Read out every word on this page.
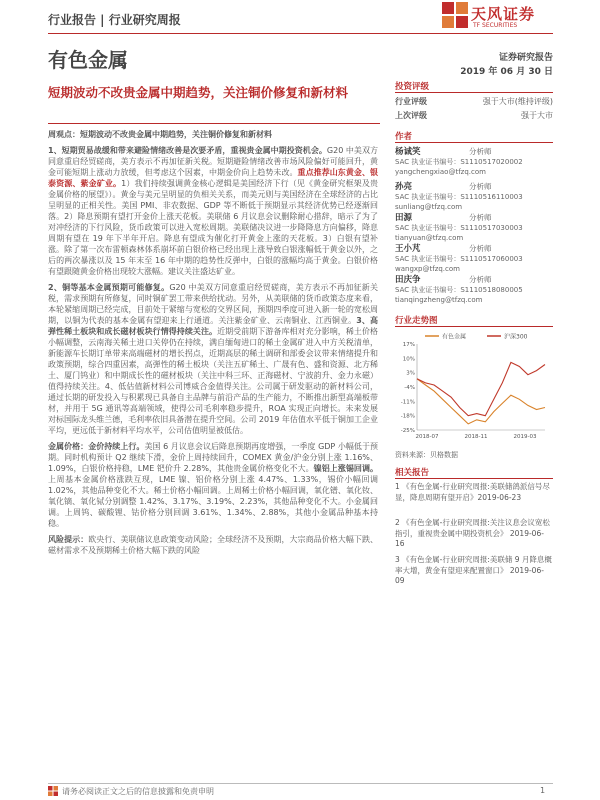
行业报告 | 行业研究周报	天风证券
TF SECURITIES
有色金属	证券研究报告
2019 年 06 月 30 日
短期波动不改贵金属中期趋势，关注铜价修复和新材料

周观点：短期波动不改贵金属中期趋势，关注铜价修复和新材料

1、短期贸易战缓和带来避险情绪改善是次要矛盾，重视贵金属中期投资机会。G20 中美双方同意重启经贸磋商，美方表示不再加征新关税。短期避险情绪改善市场风险偏好可能回升，黄金可能短期上涨动力放缓，但考虑这个因素，中期金价向上趋势未改。重点推荐山东黄金、银泰资源、紫金矿业。1）我们持续强调黄金核心逻辑是美国经济下行（见《黄金研究框架及贵金属价格的展望》）。黄金与美元呈明显的负相关关系，而美元则与美国经济在全球经济的占比呈明显的正相关性。美国 PMI、非农数据、GDP 等不断低于预期显示其经济优势已经逐渐回落。2）降息预期有望打开金价上涨天花板。美联储 6 月议息会议删除耐心措辞，暗示了为了对冲经济的下行风险，货币政策可以进入宽松周期。美联储决议进一步降降息方向偏移，降息周期有望在 19 年下半年开启。降息有望成为催化打开黄金上涨的天花板。3）白银有望补涨。除了第一次布雷顿森林体系崩坏前白银价格已经出现上涨导致白银涨幅低于黄金以外，之后的两次暴涨以及 15 年末至 16 年中期的趋势性反弹中，白银的涨幅均高于黄金。白银价格有望跟随黄金价格出现较大涨幅。建议关注盛达矿业。

2、铜等基本金属预期可能修复。G20 中美双方同意重启经贸磋商，美方表示不再加征新关税，需求预期有所修复，同时铜矿罢工带来供给扰动。另外，从美联储的货币政策态度来看，本轮紧缩周期已经完成，目前处于紧缩与宽松的交界区间，预期四季度可进入新一轮的宽松周期，以铜为代表的基本金属有望迎来上行通道。关注紫金矿业、云南铜业、江西铜业。3、高弹性稀土板块和成长磁材板块行情得持续关注。近期受前期下游备库相对充分影响，稀土价格小幅调整，云南海关稀土进口关停仍在持续，满自缅甸进口的稀土金属矿进入中方关税清单，新能源车长期订单带来高端磁材的增长拐点，近期高层的稀土调研和部委会议带来情绪提升和政策预期，综合四重因素，高弹性的稀土板块（关注五矿稀土、广晟有色、盛和资源、北方稀土、厦门钨业）和中期成长性的磁材板块（关注中科三环、正海磁材、宁波韵升、金力永磁）值得持续关注。4、低估值新材料公司博威合金值得关注。公司属于研发驱动的新材料公司，通过长期的研发投入与积累现已具备自主品牌与前沿产品的生产能力，不断推出新型高端板带材，并用于 5G 通讯等高端领域，使得公司毛利率稳步提升，ROA 实现正向增长。未来发展对标国际龙头维兰德，毛利率依旧具备潜在提升空间。公司 2019 年估值水平低于铜加工企业平均，更远低于新材料平均水平，公司估值明显被低估。

金属价格：金价持续上行。美国 6 月议息会议后降息预期再度增强，一季度 GDP 小幅低于预期。同时机构预计 Q2 继续下滑，金价上周持续回升，COMEX 黄金/沪金分别上涨 1.16%、1.09%，白银价格持稳，LME 钯价升 2.28%，其他贵金属价格变化不大。镍铝上涨锡回调。上周基本金属价格涨跌互现，LME 镍、铝价格分别上涨 4.47%、1.33%，锡价小幅回调 1.02%，其他品种变化不大。稀土价格小幅回调。上周稀土价格小幅回调，氧化镨、氧化钕、氧化镝、氧化铽分别调整 1.42%、3.17%、3.19%、2.23%，其他品种变化不大。小金属回调。上周钨、碳酸锂、钴价格分别回调 3.61%、1.34%、2.88%，其他小金属品种基本持稳。

风险提示：欧央行、美联储议息政策变动风险；全球经济不及预期，大宗商品价格大幅下跌、磁材需求不及预期稀土价格大幅下跌的风险

投资评级
行业评级	强于大市(维持评级)
上次评级	强于大市
作者
杨诚笑	分析师
SAC 执业证书编号：S1110517020002
yangchengxiao@tfzq.com
孙亮	分析师
SAC 执业证书编号：S1110516110003
sunliang@tfzq.com
田源	分析师
SAC 执业证书编号：S1110517030003
tianyuan@tfzq.com
王小芃	分析师
SAC 执业证书编号：S1110517060003
wangxp@tfzq.com
田庆争	分析师
SAC 执业证书编号：S1110518080005
tianqingzheng@tfzq.com
行业走势图
有色金属	沪深300
17%
10%
3%
-4%
-11%
-18%
-25%
2018-07	2018-11	2019-03
资料来源：贝格数据
相关报告
1 《有色金属-行业研究周报:美联储鸽派信号尽显，降息周期有望开启》2019-06-23
2 《有色金属-行业研究周报:关注议息会议宽松指引，重视贵金属中期投资机会》 2019-06-16
3 《有色金属-行业研究周报:美联储 9 月降息概率大增，黄金有望迎来配置窗口》 2019-06-09
请务必阅读正文之后的信息披露和免责申明	1
